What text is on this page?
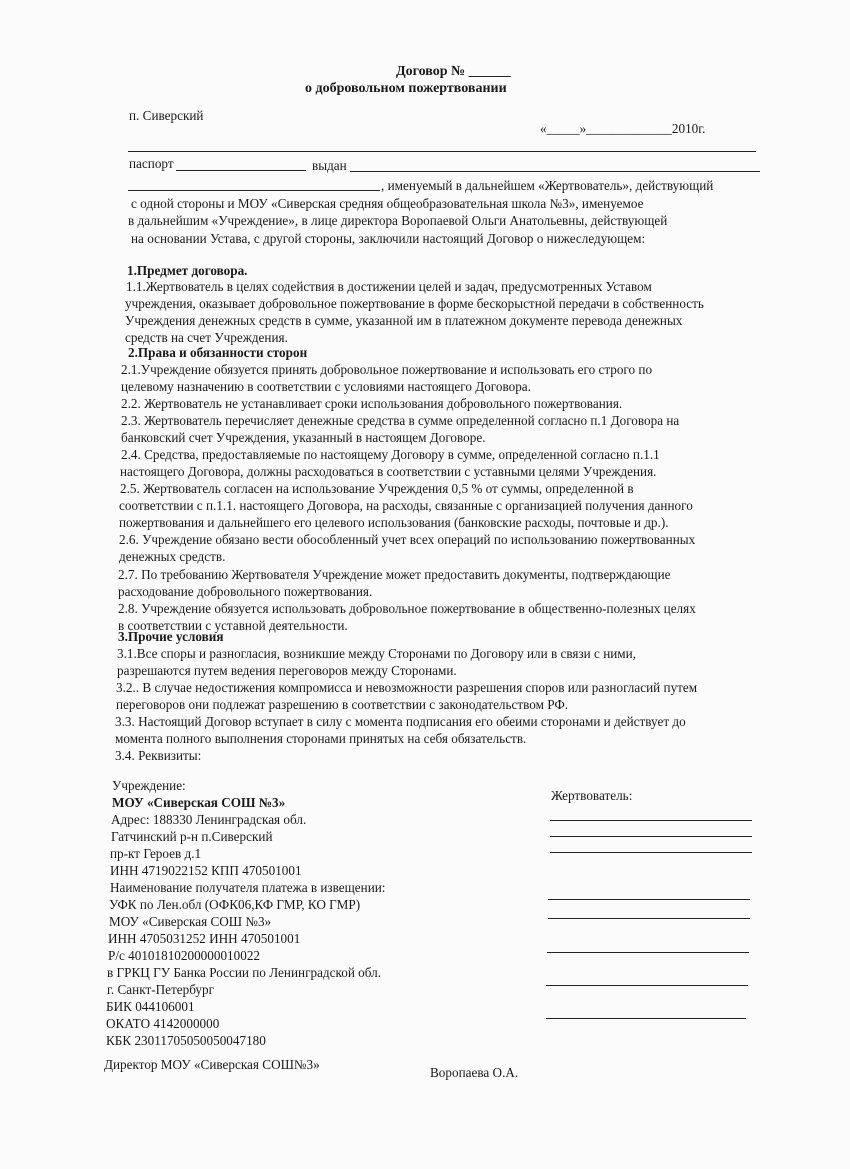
Договор № ______
о добровольном пожертвовании
п. Сиверский
«_____»_____________2010г.
паспорт	выдан
, именуемый в дальнейшем «Жертвователь», действующий
с одной стороны и МОУ «Сиверская средняя общеобразовательная школа №3», именуемое
в дальнейшим «Учреждение», в лице директора Воропаевой Ольги Анатольевны, действующей
на основании Устава, с другой стороны, заключили настоящий Договор о нижеследующем:
1.Предмет договора.
1.1.Жертвователь в целях содействия в достижении целей и задач, предусмотренных Уставом
учреждения, оказывает добровольное пожертвование в форме бескорыстной передачи в собственность
Учреждения денежных средств в сумме, указанной им в платежном документе перевода денежных
средств на счет Учреждения.
2.Права и обязанности сторон
2.1.Учреждение обязуется принять добровольное пожертвование и использовать его строго по
целевому назначению в соответствии с условиями настоящего Договора.
2.2. Жертвователь не устанавливает сроки использования добровольного пожертвования.
2.3. Жертвователь перечисляет денежные средства в сумме определенной согласно п.1 Договора на
банковский счет Учреждения, указанный в настоящем Договоре.
2.4. Средства, предоставляемые по настоящему Договору в сумме, определенной согласно п.1.1
настоящего Договора, должны расходоваться в соответствии с уставными целями Учреждения.
2.5. Жертвователь согласен на использование Учреждения 0,5 % от суммы, определенной в
соответствии с п.1.1. настоящего Договора, на расходы, связанные с организацией получения данного
пожертвования и дальнейшего его целевого использования (банковские расходы, почтовые и др.).
2.6. Учреждение обязано вести обособленный учет всех операций по использованию пожертвованных
денежных средств.
2.7. По требованию Жертвователя Учреждение может предоставить документы, подтверждающие
расходование добровольного пожертвования.
2.8. Учреждение обязуется использовать добровольное пожертвование в общественно-полезных целях
в соответствии с уставной деятельности.
3.Прочие условия
3.1.Все споры и разногласия, возникшие между Сторонами по Договору или в связи с ними,
разрешаются путем ведения переговоров между Сторонами.
3.2.. В случае недостижения компромисса и невозможности разрешения споров или разногласий путем
переговоров они подлежат разрешению в соответствии с законодательством РФ.
3.3. Настоящий Договор вступает в силу с момента подписания его обеими сторонами и действует до
момента полного выполнения сторонами принятых на себя обязательств.
3.4. Реквизиты:
Учреждение:
МОУ «Сиверская СОШ №3»
Адрес: 188330 Ленинградская обл.
Гатчинский р-н п.Сиверский
пр-кт Героев д.1
ИНН 4719022152 КПП 470501001
Наименование получателя платежа в извещении:
УФК по Лен.обл (ОФК06,КФ ГМР, КО ГМР)
МОУ «Сиверская СОШ №3»
ИНН 4705031252 ИНН 470501001
Р/с 40101810200000010022
в ГРКЦ ГУ Банка России по Ленинградской обл.
г. Санкт-Петербург
БИК 044106001
ОКАТО 4142000000
КБК 23011705050050047180
Жертвователь:
Директор МОУ «Сиверская СОШ№3»
Воропаева О.А.
